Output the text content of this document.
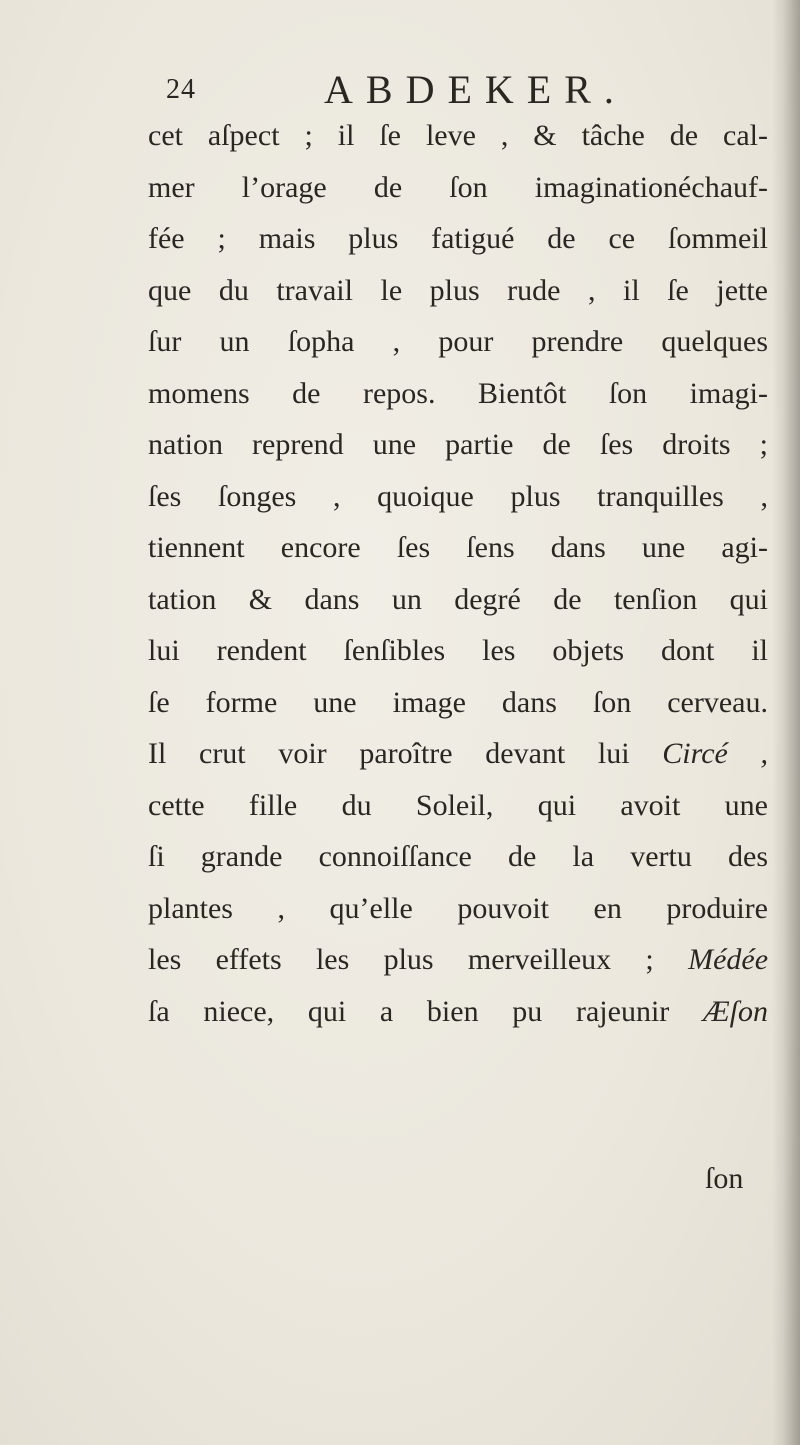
24	ABDEKER.
cet aſpect ; il ſe leve , & tâche de cal-
mer l’orage de ſon imaginationéchauf-
fée ; mais plus fatigué de ce ſommeil
que du travail le plus rude , il ſe jette
ſur un ſopha , pour prendre quelques
momens de repos. Bientôt ſon imagi-
nation reprend une partie de ſes droits ;
ſes ſonges , quoique plus tranquilles ,
tiennent encore ſes ſens dans une agi-
tation & dans un degré de tenſion qui
lui rendent ſenſibles les objets dont il
ſe forme une image dans ſon cerveau.
Il crut voir paroître devant lui Circé ,
cette fille du Soleil, qui avoit une
ſi grande connoiſſance de la vertu des
plantes , qu’elle pouvoit en produire
les effets les plus merveilleux ; Médée
ſa niece, qui a bien pu rajeunir Æſon
ſon
